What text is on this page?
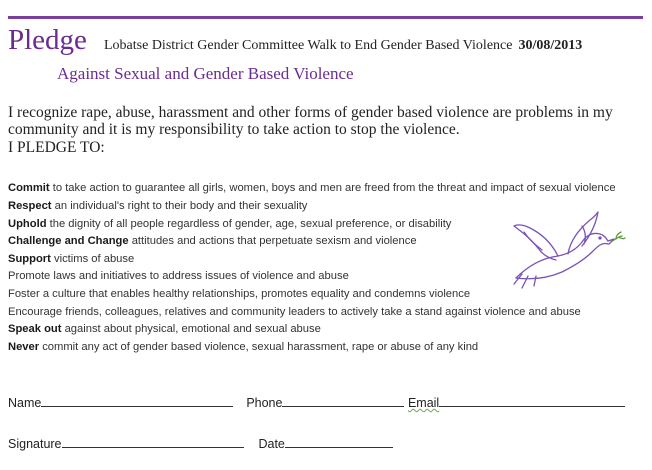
Pledge Lobatse District Gender Committee Walk to End Gender Based Violence 30/08/2013
Against Sexual and Gender Based Violence
I recognize rape, abuse, harassment and other forms of gender based violence are problems in my community and it is my responsibility to take action to stop the violence.
I PLEDGE TO:
Commit to take action to guarantee all girls, women, boys and men are freed from the threat and impact of sexual violence
Respect an individual's right to their body and their sexuality
Uphold the dignity of all people regardless of gender, age, sexual preference, or disability
Challenge and Change attitudes and actions that perpetuate sexism and violence
Support victims of abuse
Promote laws and initiatives to address issues of violence and abuse
Foster a culture that enables healthy relationships, promotes equality and condemns violence
Encourage friends, colleagues, relatives and community leaders to actively take a stand against violence and abuse
Speak out against about physical, emotional and sexual abuse
Never commit any act of gender based violence, sexual harassment, rape or abuse of any kind
Name	Phone	Email
Signature	Date
